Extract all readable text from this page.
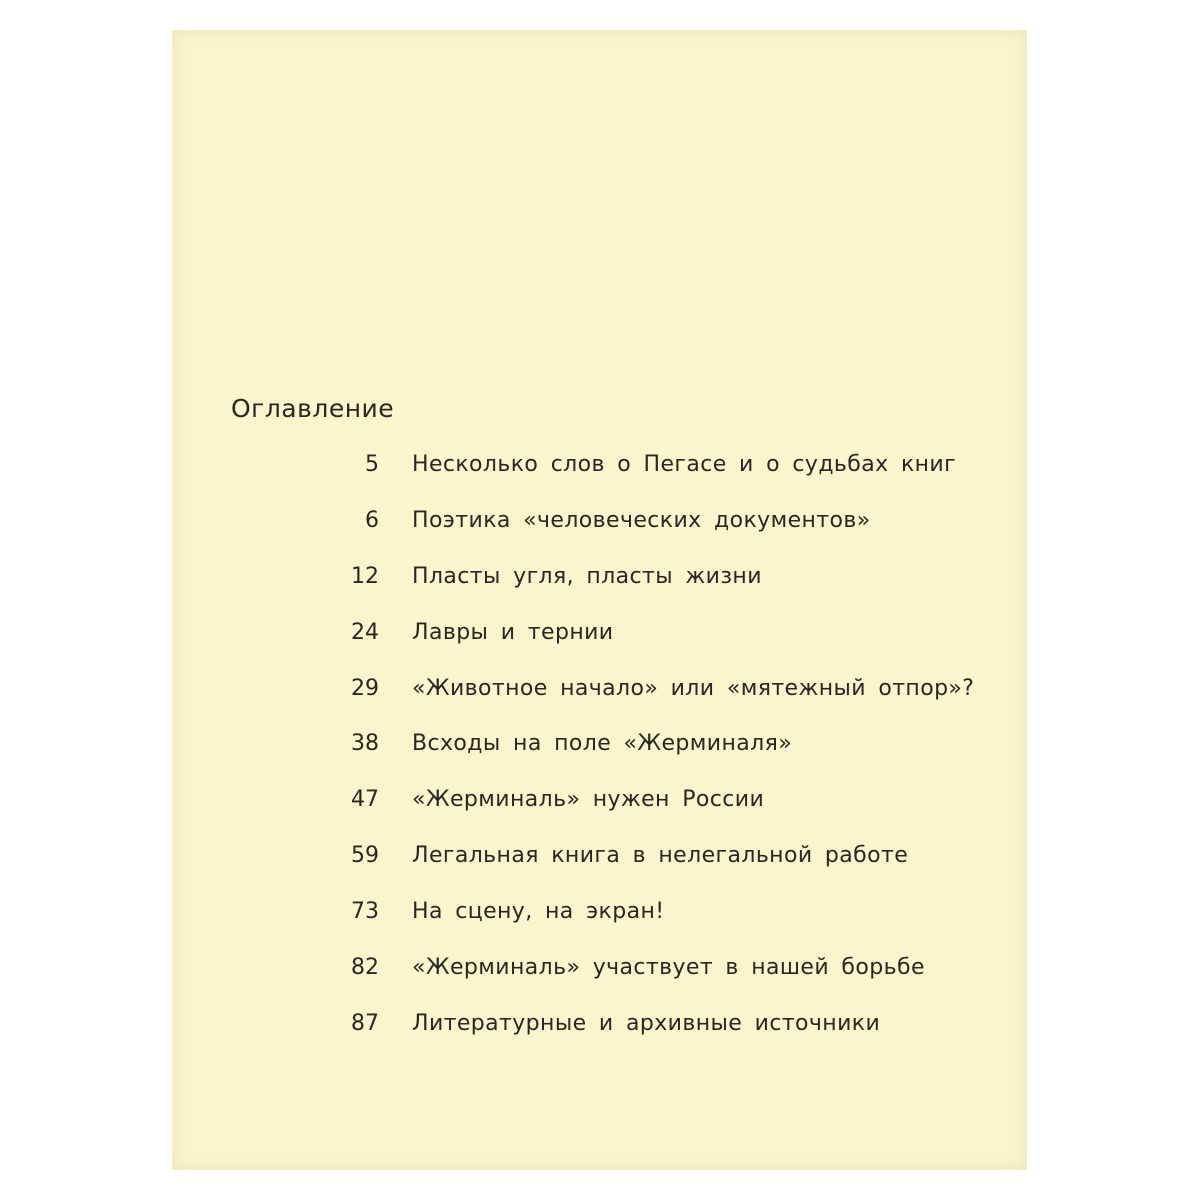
Оглавление
5 Несколько слов о Пегасе и о судьбах книг
6 Поэтика «человеческих документов»
12 Пласты угля, пласты жизни
24 Лавры и тернии
29 «Животное начало» или «мятежный отпор»?
38 Всходы на поле «Жерминаля»
47 «Жерминаль» нужен России
59 Легальная книга в нелегальной работе
73 На сцену, на экран!
82 «Жерминаль» участвует в нашей борьбе
87 Литературные и архивные источники
